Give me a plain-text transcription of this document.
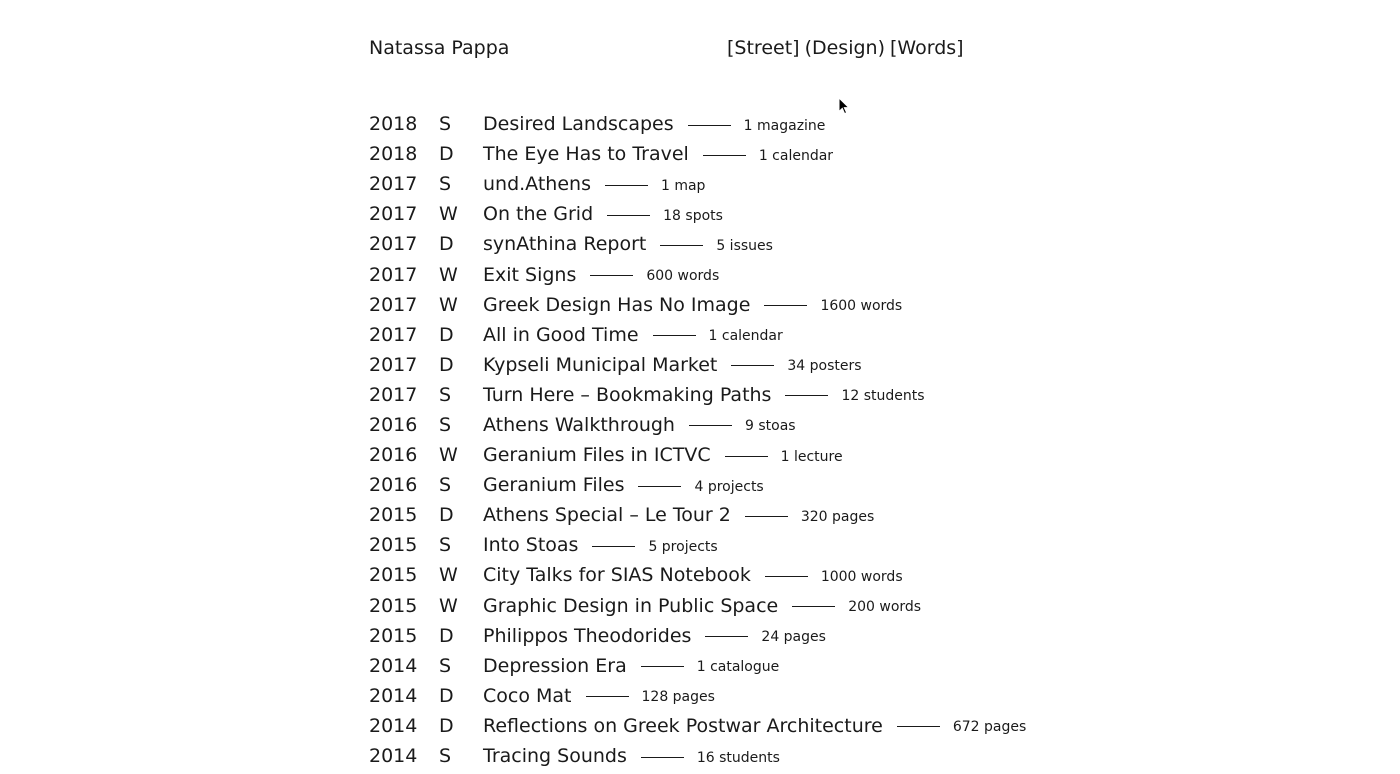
Natassa Pappa	[Street] (Design) [Words]
2018	S	Desired Landscapes	1 magazine
2018	D	The Eye Has to Travel	1 calendar
2017	S	und.Athens	1 map
2017	W	On the Grid	18 spots
2017	D	synAthina Report	5 issues
2017	W	Exit Signs	600 words
2017	W	Greek Design Has No Image	1600 words
2017	D	All in Good Time	1 calendar
2017	D	Kypseli Municipal Market	34 posters
2017	S	Turn Here – Bookmaking Paths	12 students
2016	S	Athens Walkthrough	9 stoas
2016	W	Geranium Files in ICTVC	1 lecture
2016	S	Geranium Files	4 projects
2015	D	Athens Special – Le Tour 2	320 pages
2015	S	Into Stoas	5 projects
2015	W	City Talks for SIAS Notebook	1000 words
2015	W	Graphic Design in Public Space	200 words
2015	D	Philippos Theodorides	24 pages
2014	S	Depression Era	1 catalogue
2014	D	Coco Mat	128 pages
2014	D	Reflections on Greek Postwar Architecture	672 pages
2014	S	Tracing Sounds	16 students
